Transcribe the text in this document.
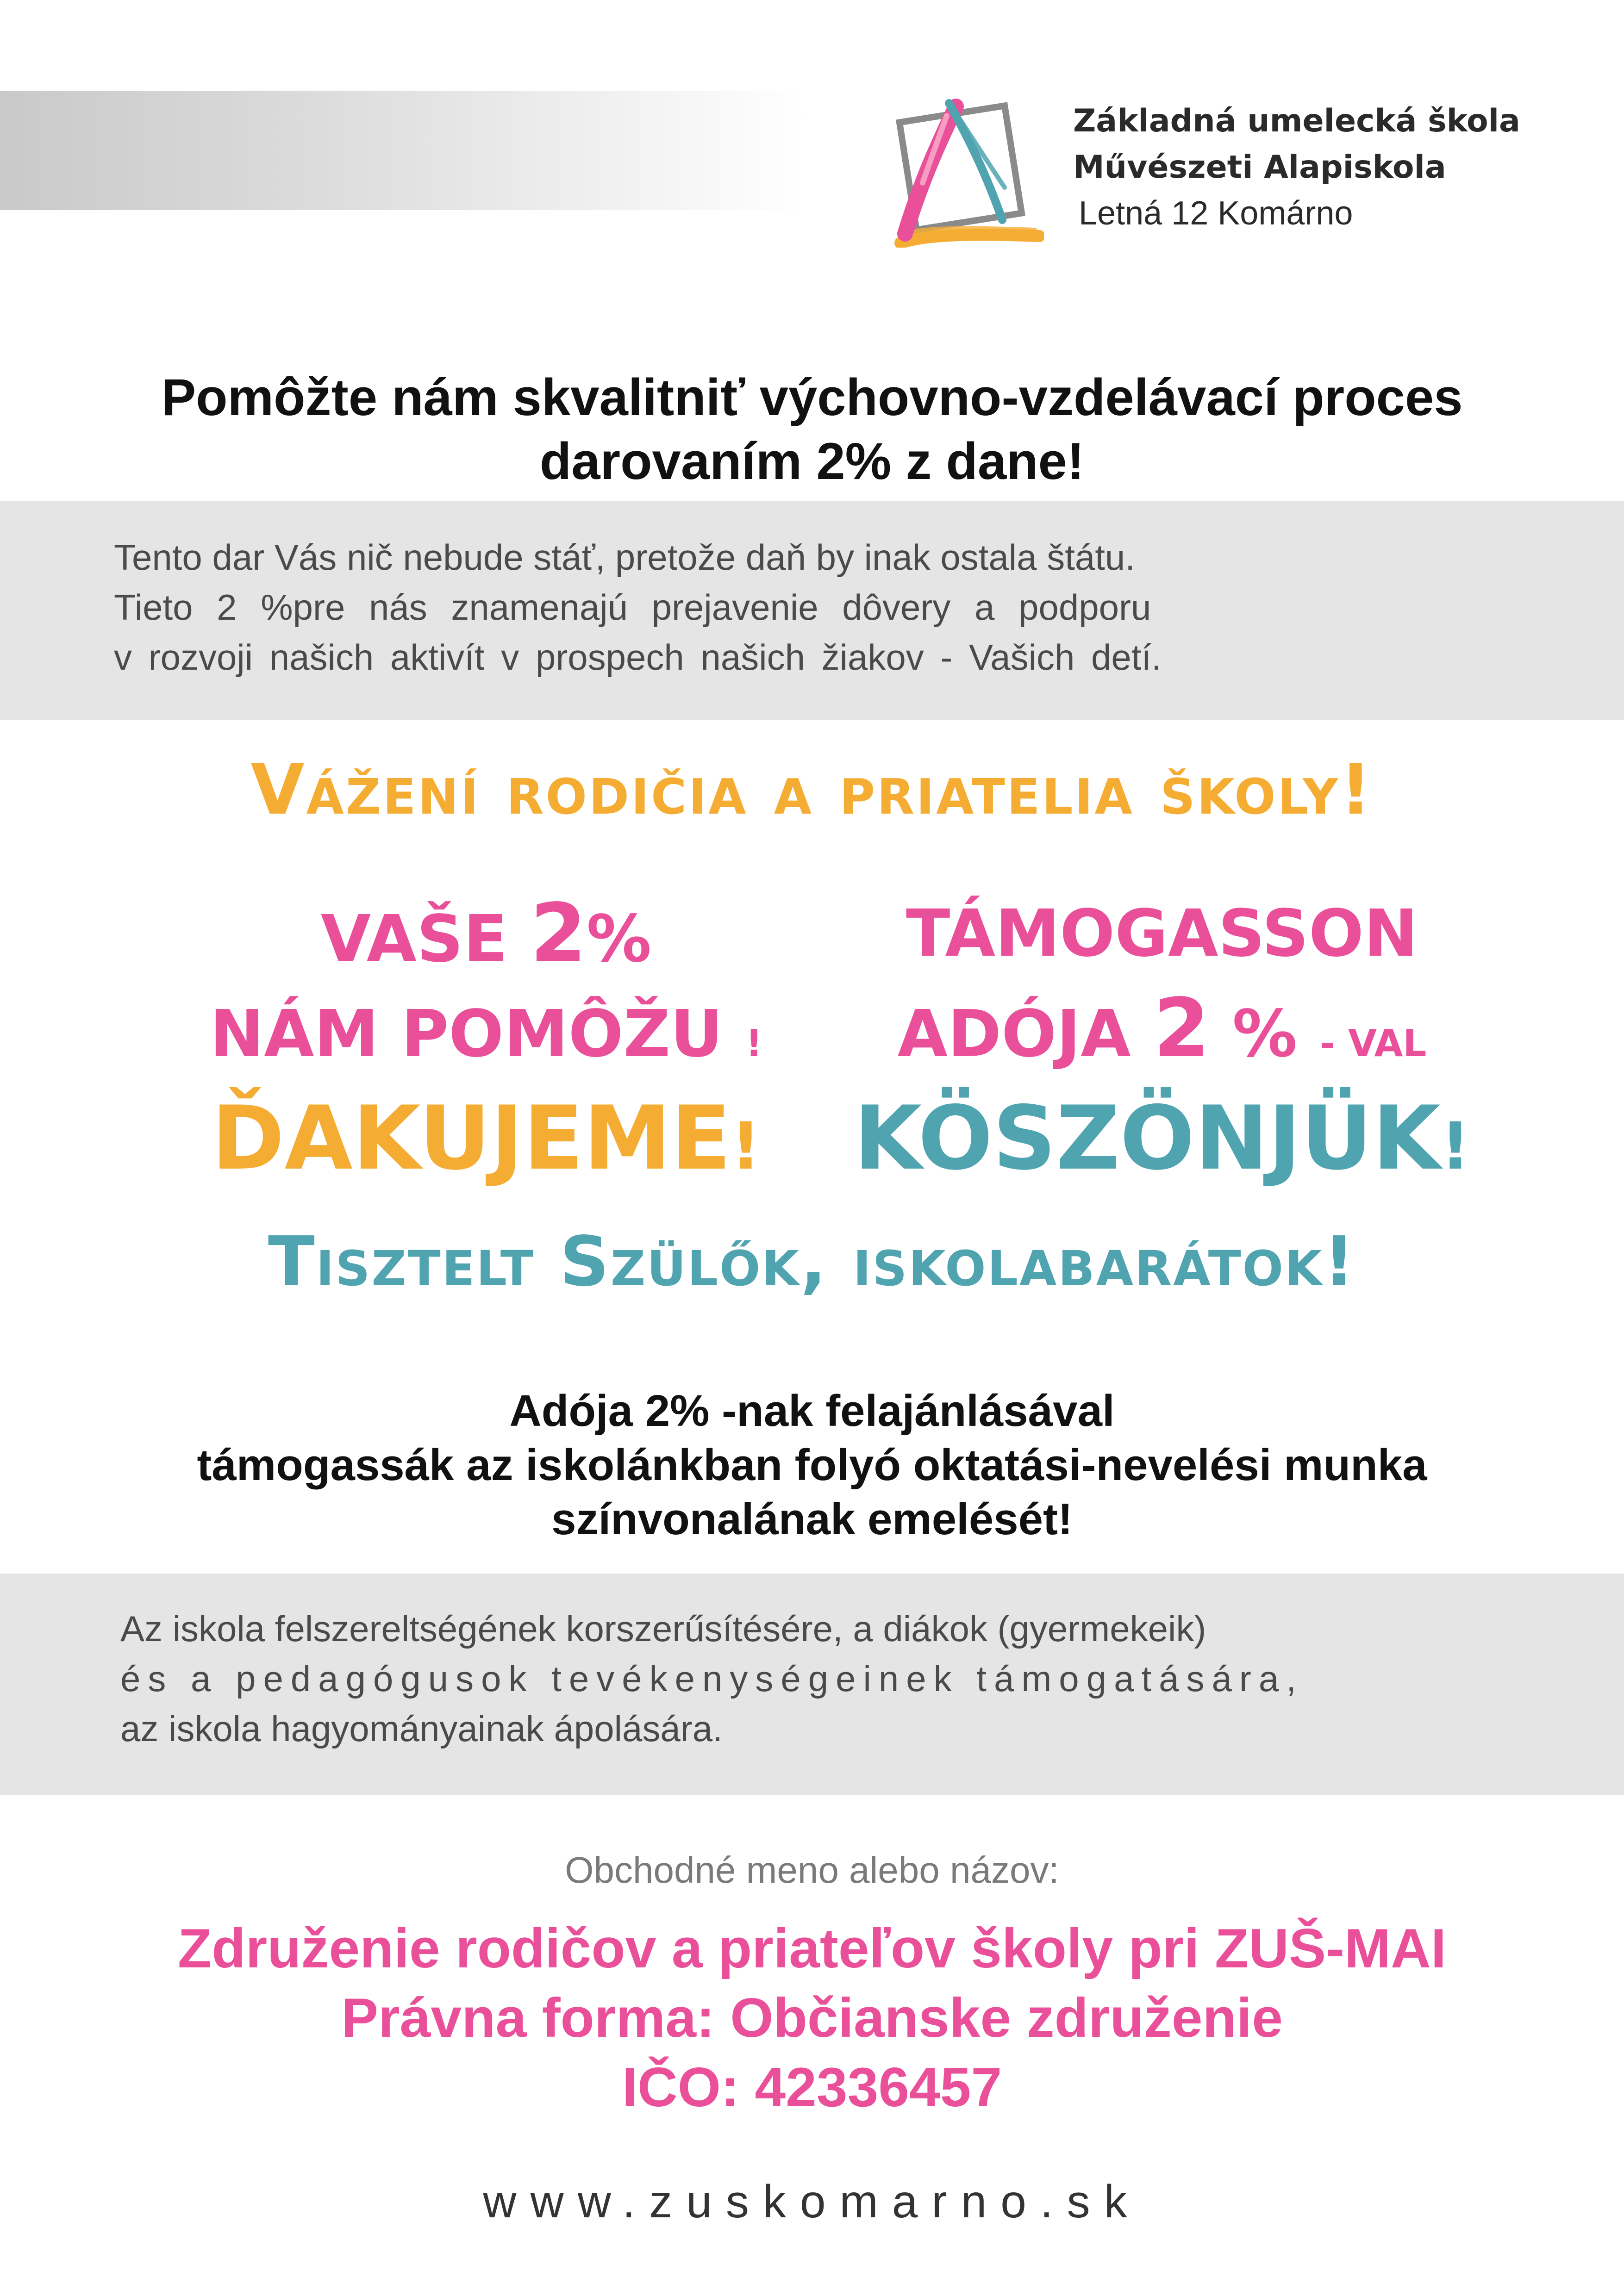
Základná umelecká škola
Művészeti Alapiskola
Letná 12 Komárno
Pomôžte nám skvalitniť výchovno-vzdelávací proces
darovaním 2% z dane!
Tento dar Vás nič nebude stáť, pretože daň by inak ostala štátu.
Tieto 2 %pre nás znamenajú prejavenie dôvery a podporu
v rozvoji našich aktivít v prospech našich žiakov - Vašich detí.
Vážení rodičia a priatelia školy!
VAŠE 2%
NÁM POMÔŽU !
ĎAKUJEME!
TÁMOGASSON
ADÓJA 2 % - VAL
KÖSZÖNJÜK!
Tisztelt Szülők, iskolabarátok!
Adója 2% -nak felajánlásával
támogassák az iskolánkban folyó oktatási-nevelési munka
színvonalának emelését!
Az iskola felszereltségének korszerűsítésére, a diákok (gyermekeik)
és a pedagógusok tevékenységeinek támogatására,
az iskola hagyományainak ápolására.
Obchodné meno alebo názov:
Združenie rodičov a priateľov školy pri ZUŠ-MAI
Právna forma: Občianske združenie
IČO: 42336457
www.zuskomarno.sk
